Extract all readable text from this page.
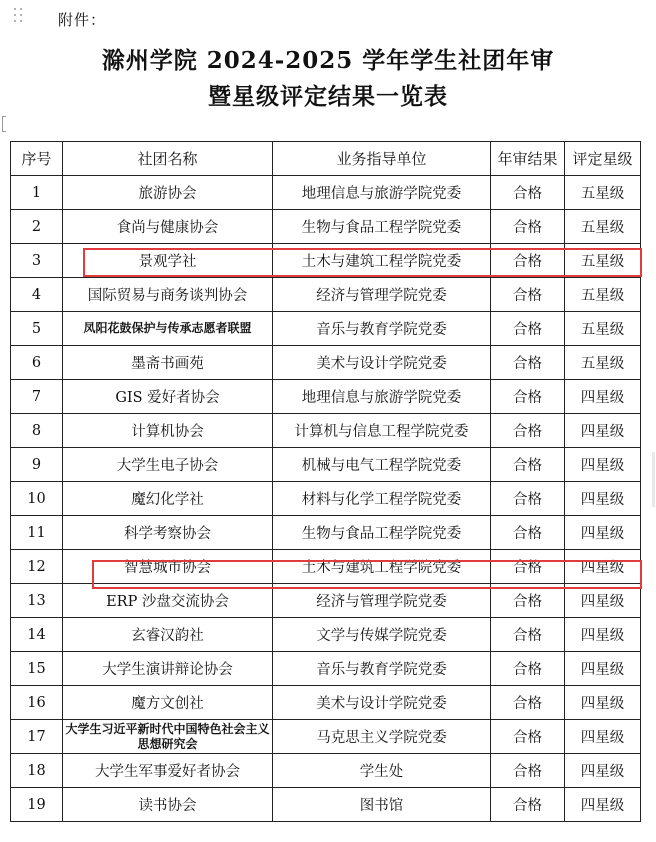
附件：
滁州学院 2024-2025 学年学生社团年审
暨星级评定结果一览表
序号	社团名称	业务指导单位	年审结果	评定星级
1	旅游协会	地理信息与旅游学院党委	合格	五星级
2	食尚与健康协会	生物与食品工程学院党委	合格	五星级
3	景观学社	土木与建筑工程学院党委	合格	五星级
4	国际贸易与商务谈判协会	经济与管理学院党委	合格	五星级
5	凤阳花鼓保护与传承志愿者联盟	音乐与教育学院党委	合格	五星级
6	墨斋书画苑	美术与设计学院党委	合格	五星级
7	GIS 爱好者协会	地理信息与旅游学院党委	合格	四星级
8	计算机协会	计算机与信息工程学院党委	合格	四星级
9	大学生电子协会	机械与电气工程学院党委	合格	四星级
10	魔幻化学社	材料与化学工程学院党委	合格	四星级
11	科学考察协会	生物与食品工程学院党委	合格	四星级
12	智慧城市协会	土木与建筑工程学院党委	合格	四星级
13	ERP 沙盘交流协会	经济与管理学院党委	合格	四星级
14	玄睿汉韵社	文学与传媒学院党委	合格	四星级
15	大学生演讲辩论协会	音乐与教育学院党委	合格	四星级
16	魔方文创社	美术与设计学院党委	合格	四星级
17	大学生习近平新时代中国特色社会主义思想研究会	马克思主义学院党委	合格	四星级
18	大学生军事爱好者协会	学生处	合格	四星级
19	读书协会	图书馆	合格	四星级
